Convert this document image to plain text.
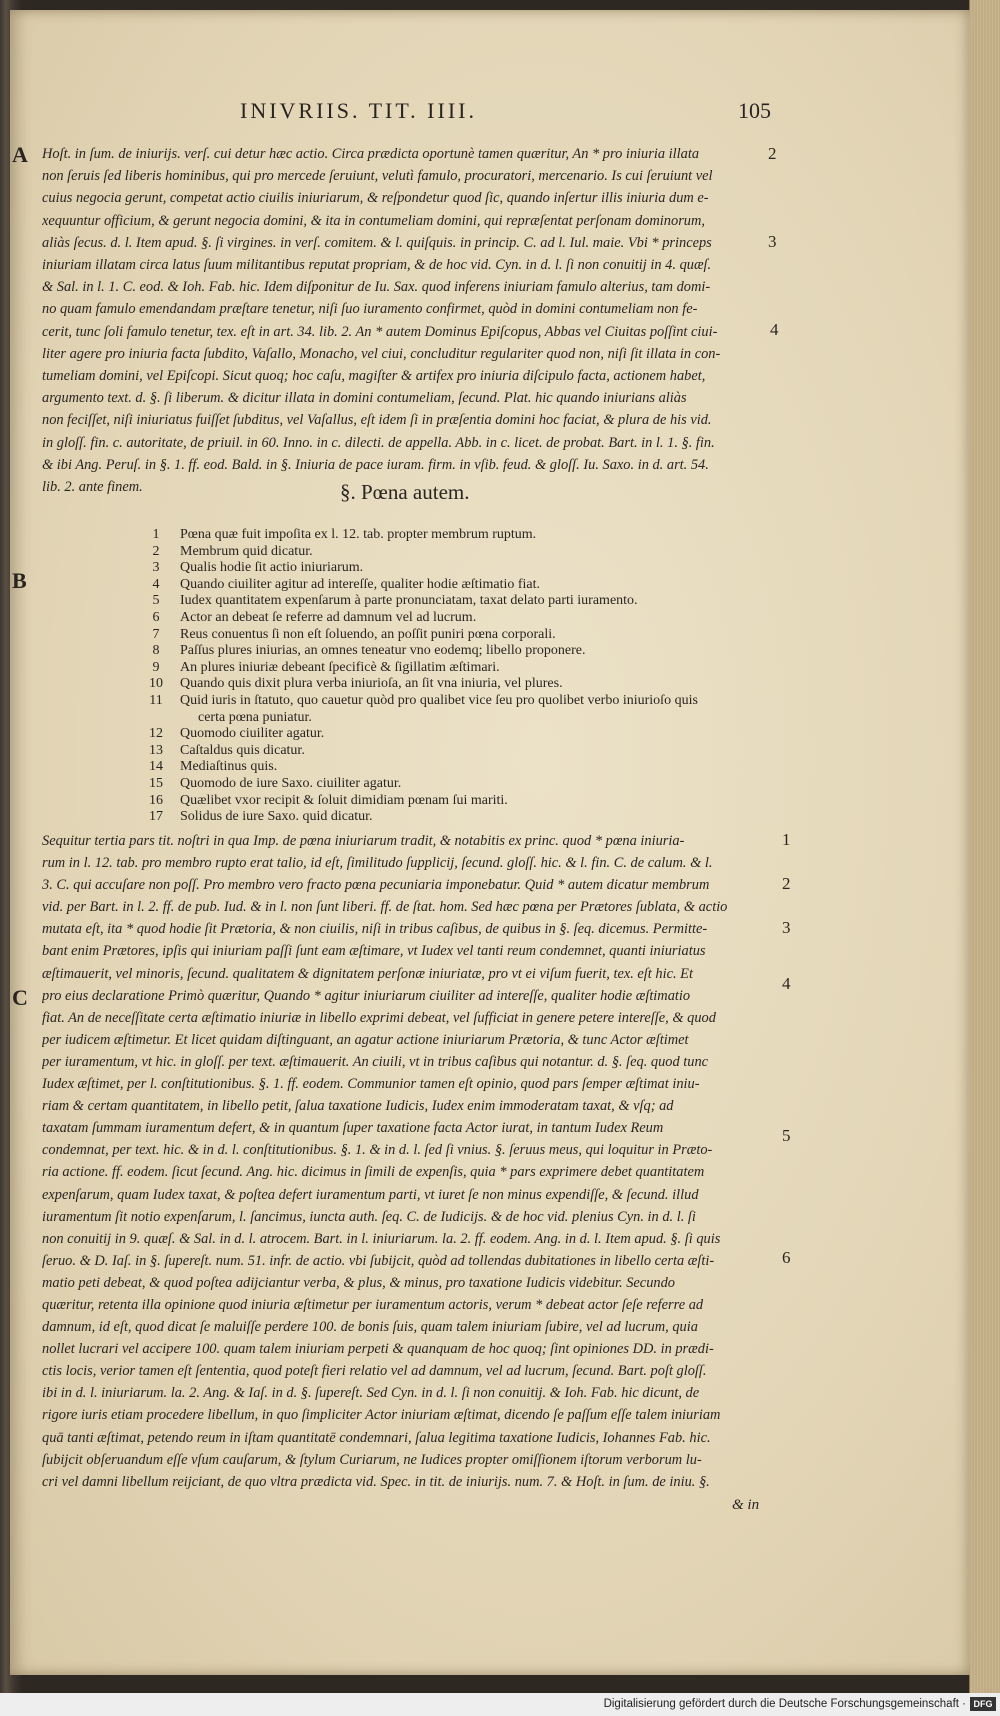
INIVRIIS. TIT. IIII.	105
A
B
C
2
3
4
Hoſt. in ſum. de iniurijs. verſ. cui detur hæc actio. Circa prædicta oportunè tamen quæritur, An * pro iniuria illata
non ſeruis ſed liberis hominibus, qui pro mercede ſeruiunt, velutì famulo, procuratori, mercenario. Is cui ſeruiunt vel
cuius negocia gerunt, competat actio ciuilis iniuriarum, & reſpondetur quod ſic, quando inſertur illis iniuria dum e-
xequuntur officium, & gerunt negocia domini, & ita in contumeliam domini, qui repræſentat perſonam dominorum,
aliàs ſecus. d. l. Item apud. §. ſi virgines. in verſ. comitem. & l. quiſquis. in princip. C. ad l. Iul. maie. Vbi * princeps
iniuriam illatam circa latus ſuum militantibus reputat propriam, & de hoc vid. Cyn. in d. l. ſi non conuitij in 4. quæſ.
& Sal. in l. 1. C. eod. & Ioh. Fab. hic. Idem diſponitur de Iu. Sax. quod inferens iniuriam famulo alterius, tam domi-
no quam famulo emendandam præſtare tenetur, niſi ſuo iuramento confirmet, quòd in domini contumeliam non fe-
cerit, tunc ſoli famulo tenetur, tex. eſt in art. 34. lib. 2. An * autem Dominus Epiſcopus, Abbas vel Ciuitas poſſint ciui-
liter agere pro iniuria facta ſubdito, Vaſallo, Monacho, vel ciui, concluditur regulariter quod non, niſi ſit illata in con-
tumeliam domini, vel Epiſcopi. Sicut quoq; hoc caſu, magiſter & artifex pro iniuria diſcipulo facta, actionem habet,
argumento text. d. §. ſi liberum. & dicitur illata in domini contumeliam, ſecund. Plat. hic quando iniurians aliàs
non feciſſet, niſi iniuriatus fuiſſet ſubditus, vel Vaſallus, eſt idem ſi in præſentia domini hoc faciat, & plura de his vid.
in gloſſ. fin. c. autoritate, de priuil. in 60. Inno. in c. dilecti. de appella. Abb. in c. licet. de probat. Bart. in l. 1. §. fin.
& ibi Ang. Peruſ. in §. 1. ff. eod. Bald. in §. Iniuria de pace iuram. firm. in vſib. feud. & gloſſ. Iu. Saxo. in d. art. 54.
lib. 2. ante finem.	§. Pœna autem.
1	Pœna quæ fuit impoſita ex l. 12. tab. propter membrum ruptum.
2	Membrum quid dicatur.
3	Qualis hodie ſit actio iniuriarum.
4	Quando ciuiliter agitur ad intereſſe, qualiter hodie æſtimatio fiat.
5	Iudex quantitatem expenſarum à parte pronunciatam, taxat delato parti iuramento.
6	Actor an debeat ſe referre ad damnum vel ad lucrum.
7	Reus conuentus ſi non eſt ſoluendo, an poſſit puniri pœna corporali.
8	Paſſus plures iniurias, an omnes teneatur vno eodemq; libello proponere.
9	An plures iniuriæ debeant ſpecificè & ſigillatim æſtimari.
10	Quando quis dixit plura verba iniurioſa, an ſit vna iniuria, vel plures.
11	Quid iuris in ſtatuto, quo cauetur quòd pro qualibet vice ſeu pro quolibet verbo iniurioſo quis
certa pœna puniatur.
12	Quomodo ciuiliter agatur.
13	Caſtaldus quis dicatur.
14	Mediaſtinus quis.
15	Quomodo de iure Saxo. ciuiliter agatur.
16	Quælibet vxor recipit & ſoluit dimidiam pœnam ſui mariti.
17	Solidus de iure Saxo. quid dicatur.
1
2
3
4
5
6
Sequitur tertia pars tit. noſtri in qua Imp. de pœna iniuriarum tradit, & notabitis ex princ. quod * pœna iniuria-
rum in l. 12. tab. pro membro rupto erat talio, id eſt, ſimilitudo ſupplicij, ſecund. gloſſ. hic. & l. fin. C. de calum. & l.
3. C. qui accuſare non poſſ. Pro membro vero fracto pœna pecuniaria imponebatur. Quid * autem dicatur membrum
vid. per Bart. in l. 2. ff. de pub. Iud. & in l. non ſunt liberi. ff. de ſtat. hom. Sed hæc pœna per Prætores ſublata, & actio
mutata eſt, ita * quod hodie ſit Prætoria, & non ciuilis, niſi in tribus caſibus, de quibus in §. ſeq. dicemus. Permitte-
bant enim Prætores, ipſis qui iniuriam paſſi ſunt eam æſtimare, vt Iudex vel tanti reum condemnet, quanti iniuriatus
æſtimauerit, vel minoris, ſecund. qualitatem & dignitatem perſonæ iniuriatæ, pro vt ei viſum fuerit, tex. eſt hic. Et
pro eius declaratione Primò quæritur, Quando * agitur iniuriarum ciuiliter ad intereſſe, qualiter hodie æſtimatio
fiat. An de neceſſitate certa æſtimatio iniuriæ in libello exprimi debeat, vel ſufficiat in genere petere intereſſe, & quod
per iudicem æſtimetur. Et licet quidam diſtinguant, an agatur actione iniuriarum Prætoria, & tunc Actor æſtimet
per iuramentum, vt hic. in gloſſ. per text. æſtimauerit. An ciuili, vt in tribus caſibus qui notantur. d. §. ſeq. quod tunc
Iudex æſtimet, per l. conſtitutionibus. §. 1. ff. eodem. Communior tamen eſt opinio, quod pars ſemper æſtimat iniu-
riam & certam quantitatem, in libello petit, ſalua taxatione Iudicis, Iudex enim immoderatam taxat, & vſq; ad
taxatam ſummam iuramentum defert, & in quantum ſuper taxatione facta Actor iurat, in tantum Iudex Reum
condemnat, per text. hic. & in d. l. conſtitutionibus. §. 1. & in d. l. ſed ſi vnius. §. ſeruus meus, qui loquitur in Præto-
ria actione. ff. eodem. ſicut ſecund. Ang. hic. dicimus in ſimili de expenſis, quia * pars exprimere debet quantitatem
expenſarum, quam Iudex taxat, & poſtea defert iuramentum parti, vt iuret ſe non minus expendiſſe, & ſecund. illud
iuramentum ſit notio expenſarum, l. ſancimus, iuncta auth. ſeq. C. de Iudicijs. & de hoc vid. plenius Cyn. in d. l. ſi
non conuitij in 9. quæſ. & Sal. in d. l. atrocem. Bart. in l. iniuriarum. la. 2. ff. eodem. Ang. in d. l. Item apud. §. ſi quis
ſeruo. & D. Iaſ. in §. ſupereſt. num. 51. infr. de actio. vbi ſubijcit, quòd ad tollendas dubitationes in libello certa æſti-
matio peti debeat, & quod poſtea adijciantur verba, & plus, & minus, pro taxatione Iudicis videbitur. Secundo
quæritur, retenta illa opinione quod iniuria æſtimetur per iuramentum actoris, verum * debeat actor ſeſe referre ad
damnum, id eſt, quod dicat ſe maluiſſe perdere 100. de bonis ſuis, quam talem iniuriam ſubire, vel ad lucrum, quia
nollet lucrari vel accipere 100. quam talem iniuriam perpeti & quanquam de hoc quoq; ſint opiniones DD. in prædi-
ctis locis, verior tamen eſt ſententia, quod poteſt fieri relatio vel ad damnum, vel ad lucrum, ſecund. Bart. poſt gloſſ.
ibi in d. l. iniuriarum. la. 2. Ang. & Iaſ. in d. §. ſupereſt. Sed Cyn. in d. l. ſi non conuitij. & Ioh. Fab. hic dicunt, de
rigore iuris etiam procedere libellum, in quo ſimpliciter Actor iniuriam æſtimat, dicendo ſe paſſum eſſe talem iniuriam
quā tanti æſtimat, petendo reum in iſtam quantitatē condemnari, ſalua legitima taxatione Iudicis, Iohannes Fab. hic.
ſubijcit obſeruandum eſſe vſum cauſarum, & ſtylum Curiarum, ne Iudices propter omiſſionem iſtorum verborum lu-
cri vel damni libellum reijciant, de quo vltra prædicta vid. Spec. in tit. de iniurijs. num. 7. & Hoſt. in ſum. de iniu. §.
& in
Digitalisierung gefördert durch die Deutsche Forschungsgemeinschaft · DFG
